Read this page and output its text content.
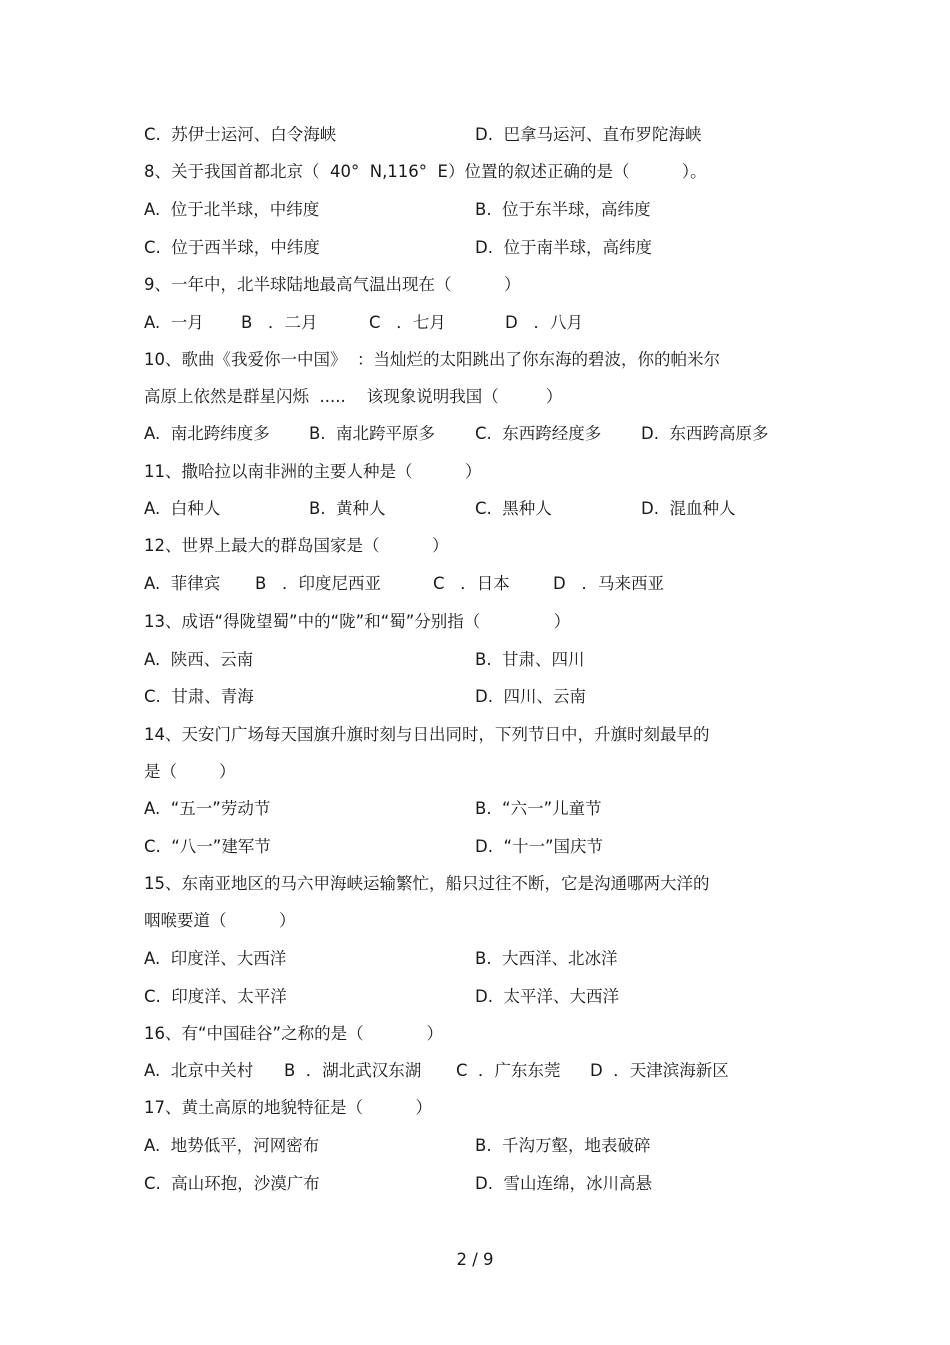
C.  苏伊士运河、白令海峡	D.  巴拿马运河、直布罗陀海峡
8、关于我国首都北京（  40°  N,116°  E）位置的叙述正确的是（          ）。
A.  位于北半球，中纬度	B.  位于东半球，高纬度
C.  位于西半球，中纬度	D.  位于南半球，高纬度
9、一年中，北半球陆地最高气温出现在（          ）
A.  一月 B   ．二月	C   ．七月	D   ．八月
10、歌曲《我爱你一中国》  ：当灿烂的太阳跳出了你东海的碧波，你的帕米尔
高原上依然是群星闪烁  .....    该现象说明我国（         ）
A.  南北跨纬度多 B.  南北跨平原多 C.  东西跨经度多 D.  东西跨高原多
11、撒哈拉以南非洲的主要人种是（          ）
A.  白种人	B.  黄种人	C.  黑种人	D.  混血种人
12、世界上最大的群岛国家是（          ）
A.  菲律宾 B   ．印度尼西亚	C   ．日本	D   ．马来西亚
13、成语“得陇望蜀”中的“陇”和“蜀”分别指（              ）
A.  陕西、云南	B.  甘肃、四川
C.  甘肃、青海	D.  四川、云南
14、天安门广场每天国旗升旗时刻与日出同时，下列节日中，升旗时刻最早的
是（        ）
A.  “五一”劳动节	B.  “六一”儿童节
C.  “八一”建军节	D.  “十一”国庆节
15、东南亚地区的马六甲海峡运输繁忙，船只过往不断，它是沟通哪两大洋的
咽喉要道（          ）
A.  印度洋、大西洋	B.  大西洋、北冰洋
C.  印度洋、太平洋	D.  太平洋、大西洋
16、有“中国硅谷”之称的是（            ）
A.  北京中关村 B  ．湖北武汉东湖 C  ．广东东莞 D  ．天津滨海新区
17、黄土高原的地貌特征是（          ）
A.  地势低平，河网密布	B.  千沟万壑，地表破碎
C.  高山环抱，沙漠广布	D.  雪山连绵，冰川高悬
2 / 9
